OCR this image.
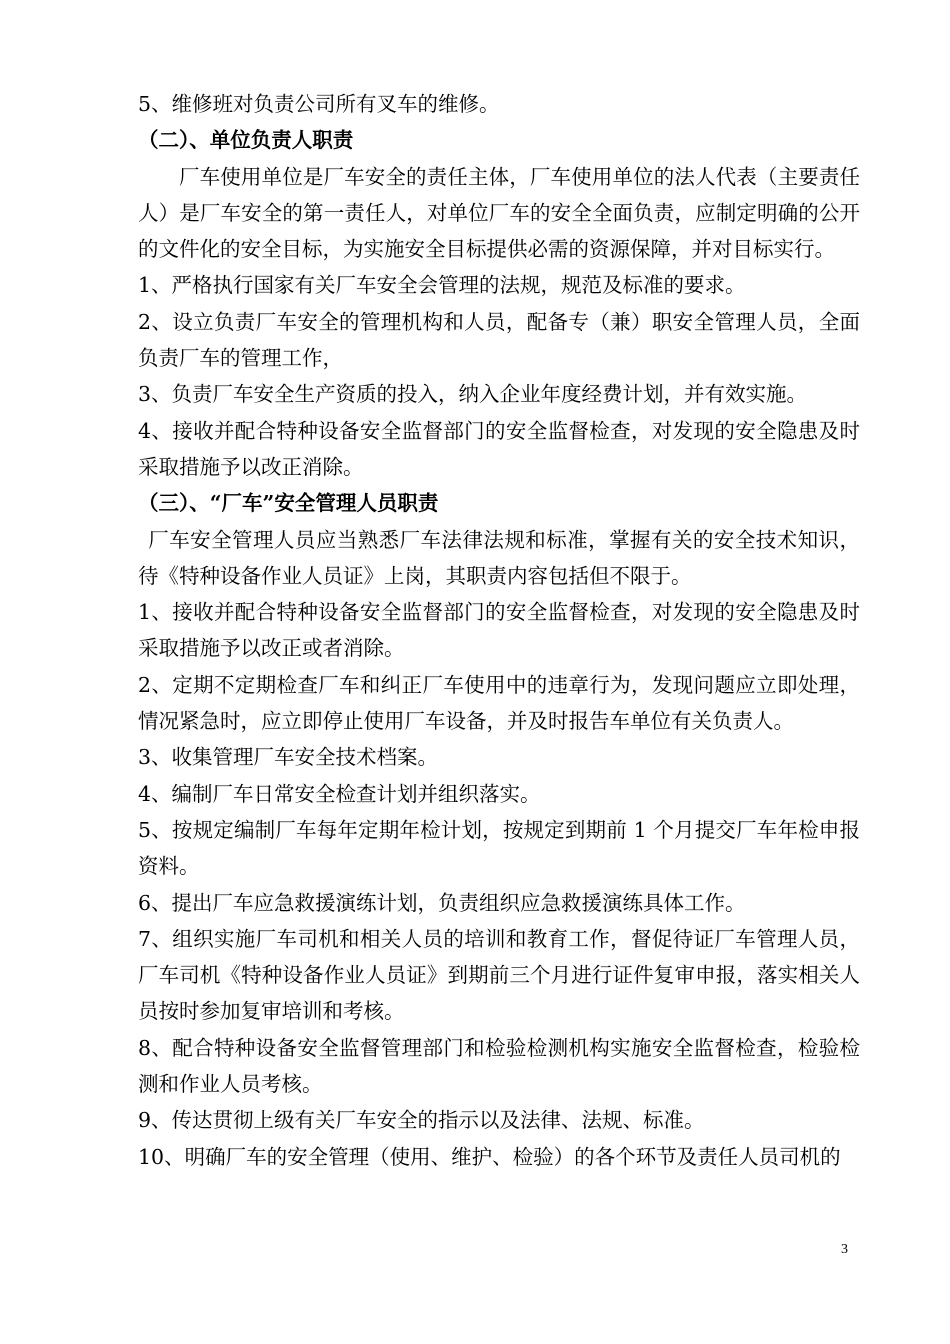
5、维修班对负责公司所有叉车的维修。

（二）、单位负责人职责

厂车使用单位是厂车安全的责任主体，厂车使用单位的法人代表（主要责任人）是厂车安全的第一责任人，对单位厂车的安全全面负责，应制定明确的公开的文件化的安全目标，为实施安全目标提供必需的资源保障，并对目标实行。

1、严格执行国家有关厂车安全会管理的法规，规范及标准的要求。

2、设立负责厂车安全的管理机构和人员，配备专（兼）职安全管理人员，全面负责厂车的管理工作，

3、负责厂车安全生产资质的投入，纳入企业年度经费计划，并有效实施。

4、接收并配合特种设备安全监督部门的安全监督检查，对发现的安全隐患及时采取措施予以改正消除。

（三）、“厂车”安全管理人员职责

厂车安全管理人员应当熟悉厂车法律法规和标准，掌握有关的安全技术知识，待《特种设备作业人员证》上岗，其职责内容包括但不限于。

1、接收并配合特种设备安全监督部门的安全监督检查，对发现的安全隐患及时采取措施予以改正或者消除。

2、定期不定期检查厂车和纠正厂车使用中的违章行为，发现问题应立即处理，情况紧急时，应立即停止使用厂车设备，并及时报告车单位有关负责人。

3、收集管理厂车安全技术档案。

4、编制厂车日常安全检查计划并组织落实。

5、按规定编制厂车每年定期年检计划，按规定到期前 1 个月提交厂车年检申报资料。

6、提出厂车应急救援演练计划，负责组织应急救援演练具体工作。

7、组织实施厂车司机和相关人员的培训和教育工作，督促待证厂车管理人员，厂车司机《特种设备作业人员证》到期前三个月进行证件复审申报，落实相关人员按时参加复审培训和考核。

8、配合特种设备安全监督管理部门和检验检测机构实施安全监督检查，检验检测和作业人员考核。

9、传达贯彻上级有关厂车安全的指示以及法律、法规、标准。

10、明确厂车的安全管理（使用、维护、检验）的各个环节及责任人员司机的

3
